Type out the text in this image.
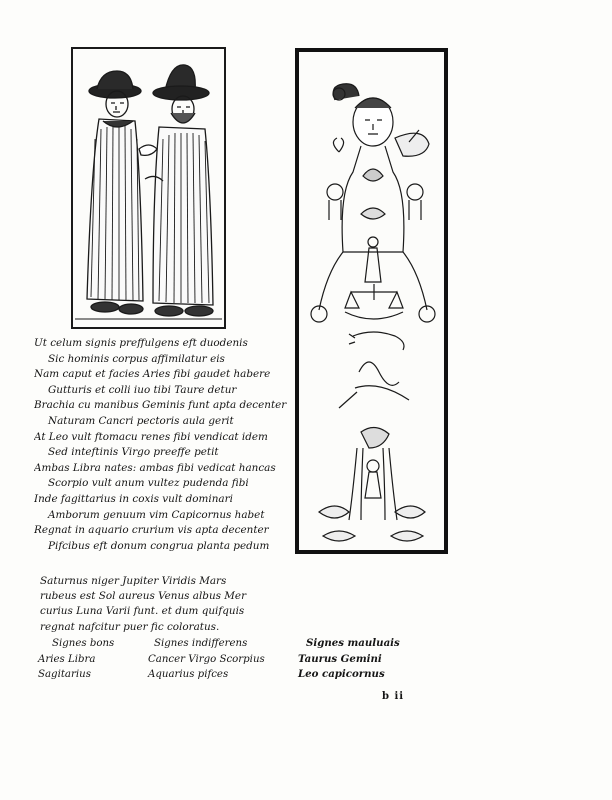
Ut celum signis preffulgens eft duodenis
Sic hominis corpus affimilatur eis
Nam caput et facies Aries fibi gaudet habere
Gutturis et colli iuo tibi Taure detur
Brachia cu manibus Geminis funt apta decenter
Naturam Cancri pectoris aula gerit
At Leo vult ftomacu renes fibi vendicat idem
Sed inteftinis Virgo preeffe petit
Ambas Libra nates: ambas fibi vedicat hancas
Scorpio vult anum vultez pudenda fibi
Inde fagittarius in coxis vult dominari
Amborum genuum vim Capicornus habet
Regnat in aquario crurium vis apta decenter
Pifcibus eft donum congrua planta pedum
Saturnus niger Jupiter Viridis Mars
rubeus est Sol aureus Venus albus Mer
curius Luna Varii funt. et dum quifquis
regnat nafcitur puer fic coloratus.
Signes bons
Aries Libra
Sagitarius
Signes indifferens
Cancer Virgo Scorpius
Aquarius pifces
Signes mauluais
Taurus Gemini
Leo capicornus
b ii
